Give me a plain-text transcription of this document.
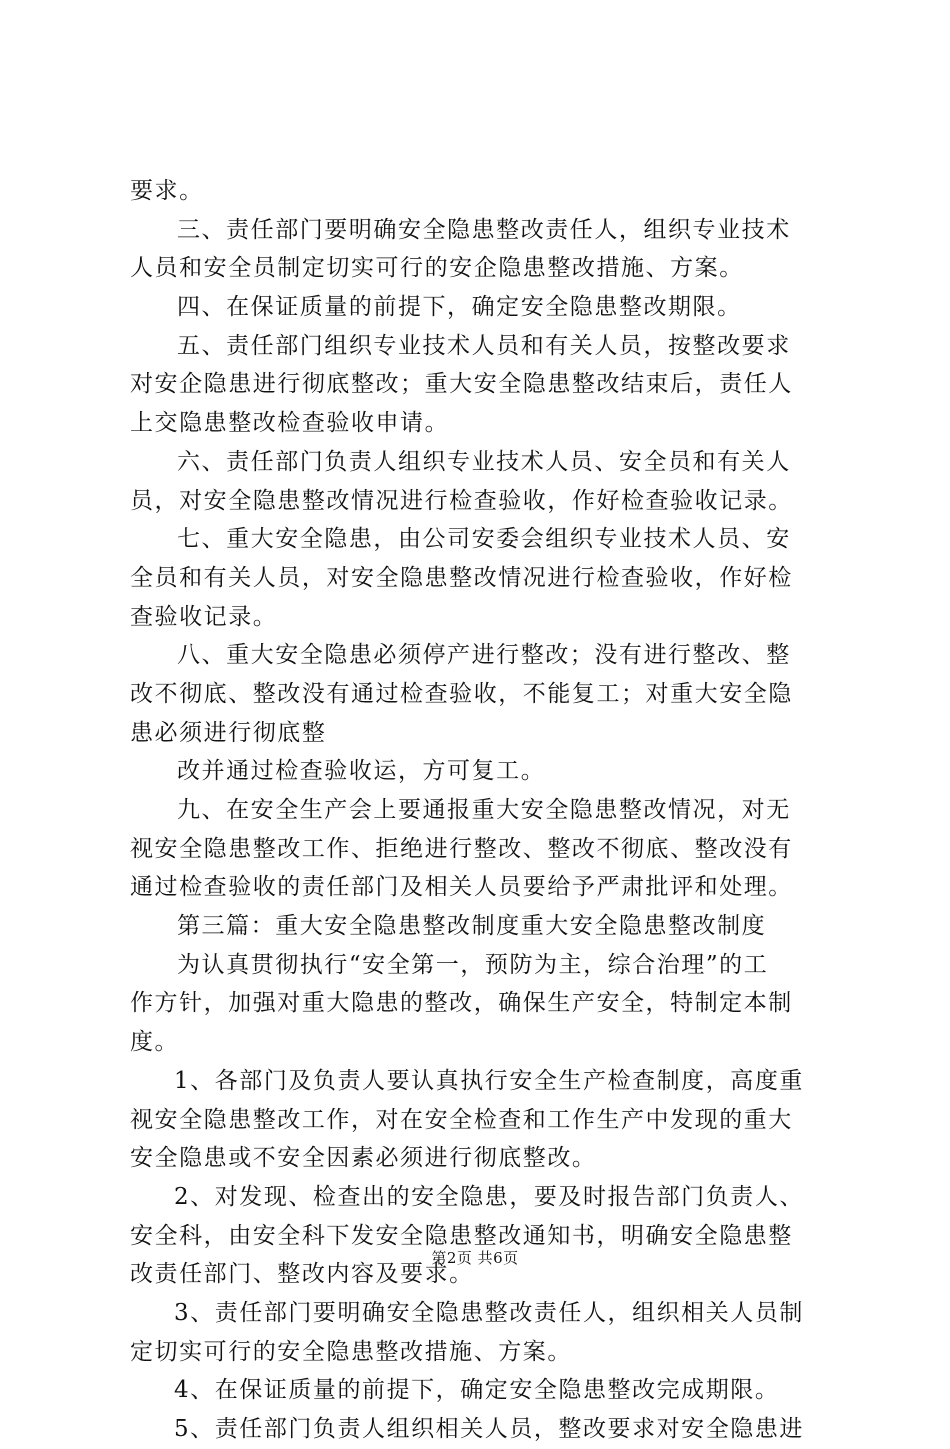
要求。
三、责任部门要明确安全隐患整改责任人，组织专业技术
人员和安全员制定切实可行的安企隐患整改措施、方案。
四、在保证质量的前提下，确定安全隐患整改期限。
五、责任部门组织专业技术人员和有关人员，按整改要求
对安企隐患进行彻底整改；重大安全隐患整改结束后，责任人
上交隐患整改检查验收申请。
六、责任部门负责人组织专业技术人员、安全员和有关人
员，对安全隐患整改情况进行检查验收，作好检查验收记录。
七、重大安全隐患，由公司安委会组织专业技术人员、安
全员和有关人员，对安全隐患整改情况进行检查验收，作好检
查验收记录。
八、重大安全隐患必须停产进行整改；没有进行整改、整
改不彻底、整改没有通过检查验收，不能复工；对重大安全隐
患必须进行彻底整
改并通过检查验收运，方可复工。
九、在安全生产会上要通报重大安全隐患整改情况，对无
视安全隐患整改工作、拒绝进行整改、整改不彻底、整改没有
通过检查验收的责任部门及相关人员要给予严肃批评和处理。
第三篇：重大安全隐患整改制度重大安全隐患整改制度
为认真贯彻执行“安全第一，预防为主，综合治理”的工
作方针，加强对重大隐患的整改，确保生产安全，特制定本制
度。
1、各部门及负责人要认真执行安全生产检查制度，高度重
视安全隐患整改工作，对在安全检查和工作生产中发现的重大
安全隐患或不安全因素必须进行彻底整改。
2、对发现、检查出的安全隐患，要及时报告部门负责人、
安全科，由安全科下发安全隐患整改通知书，明确安全隐患整
改责任部门、整改内容及要求。
3、责任部门要明确安全隐患整改责任人，组织相关人员制
定切实可行的安全隐患整改措施、方案。
4、在保证质量的前提下，确定安全隐患整改完成期限。
5、责任部门负责人组织相关人员，整改要求对安全隐患进
第2页 共6页
